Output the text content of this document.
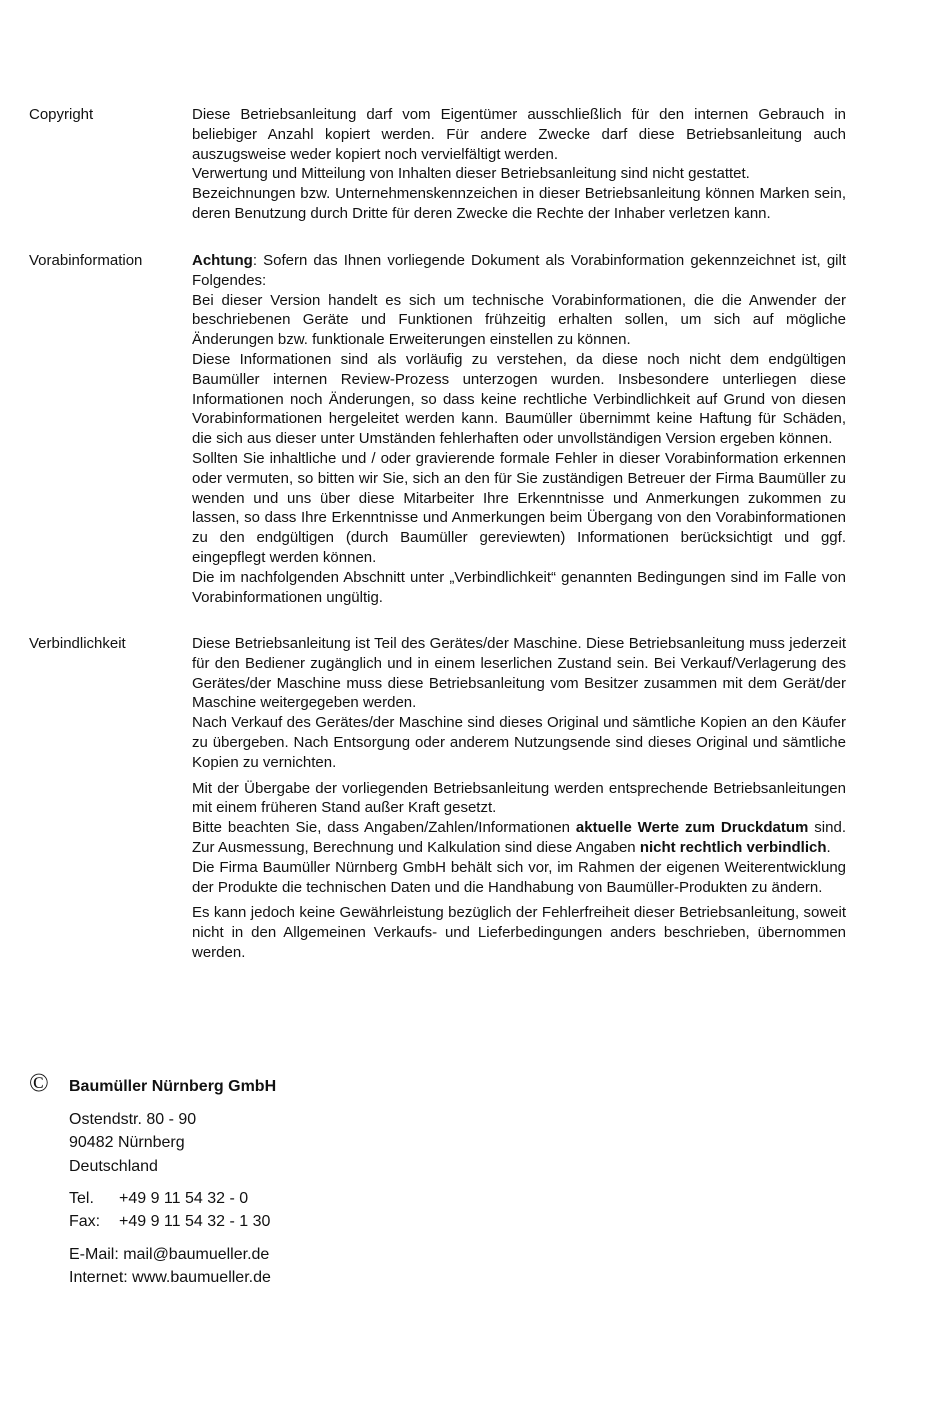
Copyright	Diese Betriebsanleitung darf vom Eigentümer ausschließlich für den internen Gebrauch in beliebiger Anzahl kopiert werden. Für andere Zwecke darf diese Betriebsanleitung auch auszugsweise weder kopiert noch vervielfältigt werden.

Verwertung und Mitteilung von Inhalten dieser Betriebsanleitung sind nicht gestattet.

Bezeichnungen bzw. Unternehmenskennzeichen in dieser Betriebsanleitung können Marken sein, deren Benutzung durch Dritte für deren Zwecke die Rechte der Inhaber verletzen kann.

Vorabinformation	Achtung: Sofern das Ihnen vorliegende Dokument als Vorabinformation gekennzeichnet ist, gilt Folgendes:

Bei dieser Version handelt es sich um technische Vorabinformationen, die die Anwender der beschriebenen Geräte und Funktionen frühzeitig erhalten sollen, um sich auf mögliche Änderungen bzw. funktionale Erweiterungen einstellen zu können.

Diese Informationen sind als vorläufig zu verstehen, da diese noch nicht dem endgültigen Baumüller internen Review-Prozess unterzogen wurden. Insbesondere unterliegen diese Informationen noch Änderungen, so dass keine rechtliche Verbindlichkeit auf Grund von diesen Vorabinformationen hergeleitet werden kann. Baumüller übernimmt keine Haftung für Schäden, die sich aus dieser unter Umständen fehlerhaften oder unvollständigen Version ergeben können.

Sollten Sie inhaltliche und / oder gravierende formale Fehler in dieser Vorabinformation erkennen oder vermuten, so bitten wir Sie, sich an den für Sie zuständigen Betreuer der Firma Baumüller zu wenden und uns über diese Mitarbeiter Ihre Erkenntnisse und Anmerkungen zukommen zu lassen, so dass Ihre Erkenntnisse und Anmerkungen beim Übergang von den Vorabinformationen zu den endgültigen (durch Baumüller gereviewten) Informationen berücksichtigt und ggf. eingepflegt werden können.

Die im nachfolgenden Abschnitt unter „Verbindlichkeit“ genannten Bedingungen sind im Falle von Vorabinformationen ungültig.

Verbindlichkeit	Diese Betriebsanleitung ist Teil des Gerätes/der Maschine. Diese Betriebsanleitung muss jederzeit für den Bediener zugänglich und in einem leserlichen Zustand sein. Bei Verkauf/Verlagerung des Gerätes/der Maschine muss diese Betriebsanleitung vom Besitzer zusammen mit dem Gerät/der Maschine weitergegeben werden.

Nach Verkauf des Gerätes/der Maschine sind dieses Original und sämtliche Kopien an den Käufer zu übergeben. Nach Entsorgung oder anderem Nutzungsende sind dieses Original und sämtliche Kopien zu vernichten.

Mit der Übergabe der vorliegenden Betriebsanleitung werden entsprechende Betriebsanleitungen mit einem früheren Stand außer Kraft gesetzt.

Bitte beachten Sie, dass Angaben/Zahlen/Informationen aktuelle Werte zum Druckdatum sind. Zur Ausmessung, Berechnung und Kalkulation sind diese Angaben nicht rechtlich verbindlich.

Die Firma Baumüller Nürnberg GmbH behält sich vor, im Rahmen der eigenen Weiterentwicklung der Produkte die technischen Daten und die Handhabung von Baumüller-Produkten zu ändern.

Es kann jedoch keine Gewährleistung bezüglich der Fehlerfreiheit dieser Betriebsanleitung, soweit nicht in den Allgemeinen Verkaufs- und Lieferbedingungen anders beschrieben, übernommen werden.

© Baumüller Nürnberg GmbH
Ostendstr. 80 - 90
90482 Nürnberg
Deutschland
Tel. +49 9 11 54 32 - 0
Fax: +49 9 11 54 32 - 1 30
E-Mail: mail@baumueller.de
Internet: www.baumueller.de
